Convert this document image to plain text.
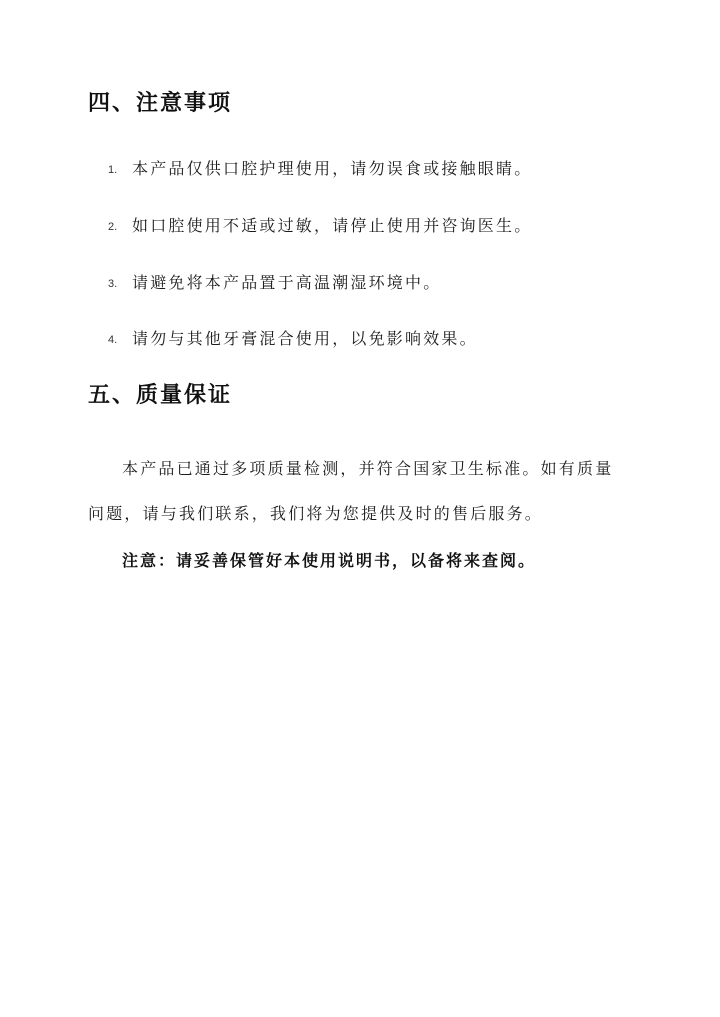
四、注意事项
1. 本产品仅供口腔护理使用，请勿误食或接触眼睛。
2. 如口腔使用不适或过敏，请停止使用并咨询医生。
3. 请避免将本产品置于高温潮湿环境中。
4. 请勿与其他牙膏混合使用，以免影响效果。
五、质量保证

本产品已通过多项质量检测，并符合国家卫生标准。如有质量
问题，请与我们联系，我们将为您提供及时的售后服务。

注意：请妥善保管好本使用说明书，以备将来查阅。
